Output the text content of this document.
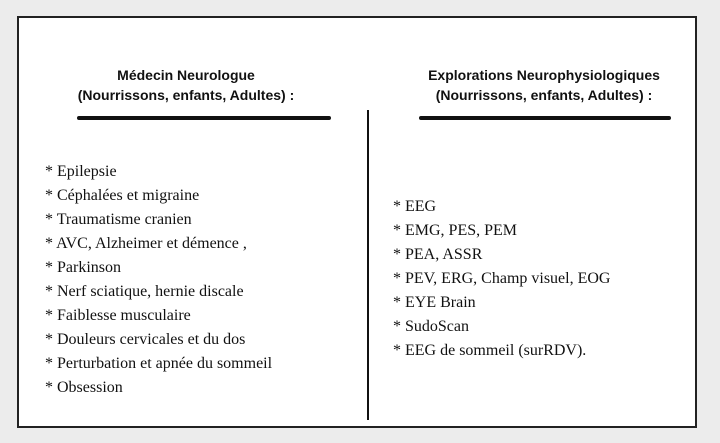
Médecin Neurologue
(Nourrissons, enfants, Adultes) :
Explorations Neurophysiologiques
(Nourrissons, enfants, Adultes) :
* Epilepsie
* Céphalées et migraine
* Traumatisme cranien
* AVC, Alzheimer et démence ,
* Parkinson
* Nerf sciatique, hernie discale
* Faiblesse musculaire
* Douleurs cervicales et du dos
* Perturbation et apnée du sommeil
* Obsession
* EEG
* EMG, PES, PEM
* PEA, ASSR
* PEV, ERG, Champ visuel, EOG
* EYE Brain
* SudoScan
* EEG de sommeil (surRDV).
